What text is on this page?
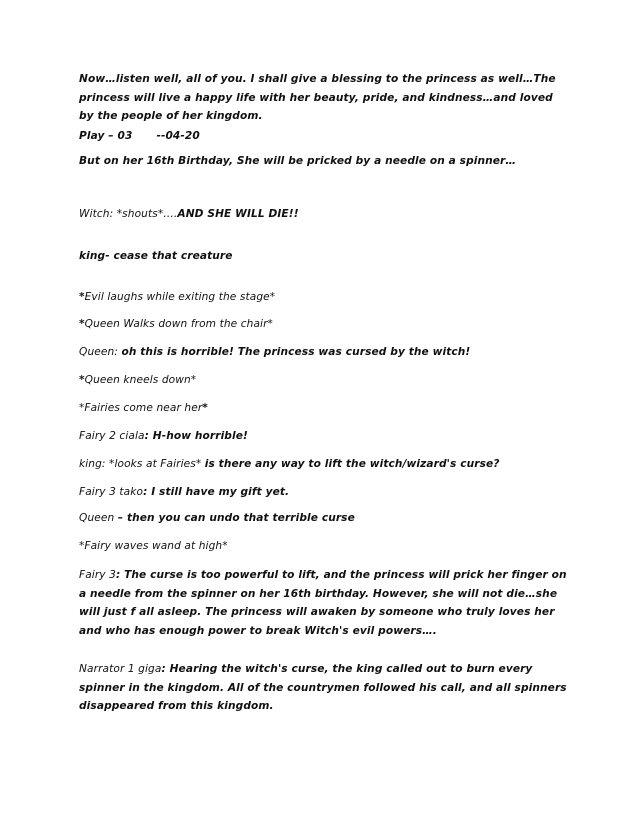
Now…listen well, all of you. I shall give a blessing to the princess as well…The princess will live a happy life with her beauty, pride, and kindness…and loved by the people of her kingdom.

Play – 03 --04-20

But on her 16th Birthday, She will be pricked by a needle on a spinner…

Witch: *shouts*….AND SHE WILL DIE!!

king- cease that creature

*Evil laughs while exiting the stage*

*Queen Walks down from the chair*

Queen: oh this is horrible! The princess was cursed by the witch!

*Queen kneels down*

*Fairies come near her*

Fairy 2 ciala: H-how horrible!

king: *looks at Fairies* is there any way to lift the witch/wizard's curse?

Fairy 3 tako: I still have my gift yet.

Queen – then you can undo that terrible curse

*Fairy waves wand at high*

Fairy 3: The curse is too powerful to lift, and the princess will prick her finger on a needle from the spinner on her 16th birthday. However, she will not die…she will just f all asleep. The princess will awaken by someone who truly loves her and who has enough power to break Witch's evil powers….

Narrator 1 giga: Hearing the witch's curse, the king called out to burn every spinner in the kingdom. All of the countrymen followed his call, and all spinners disappeared from this kingdom.
